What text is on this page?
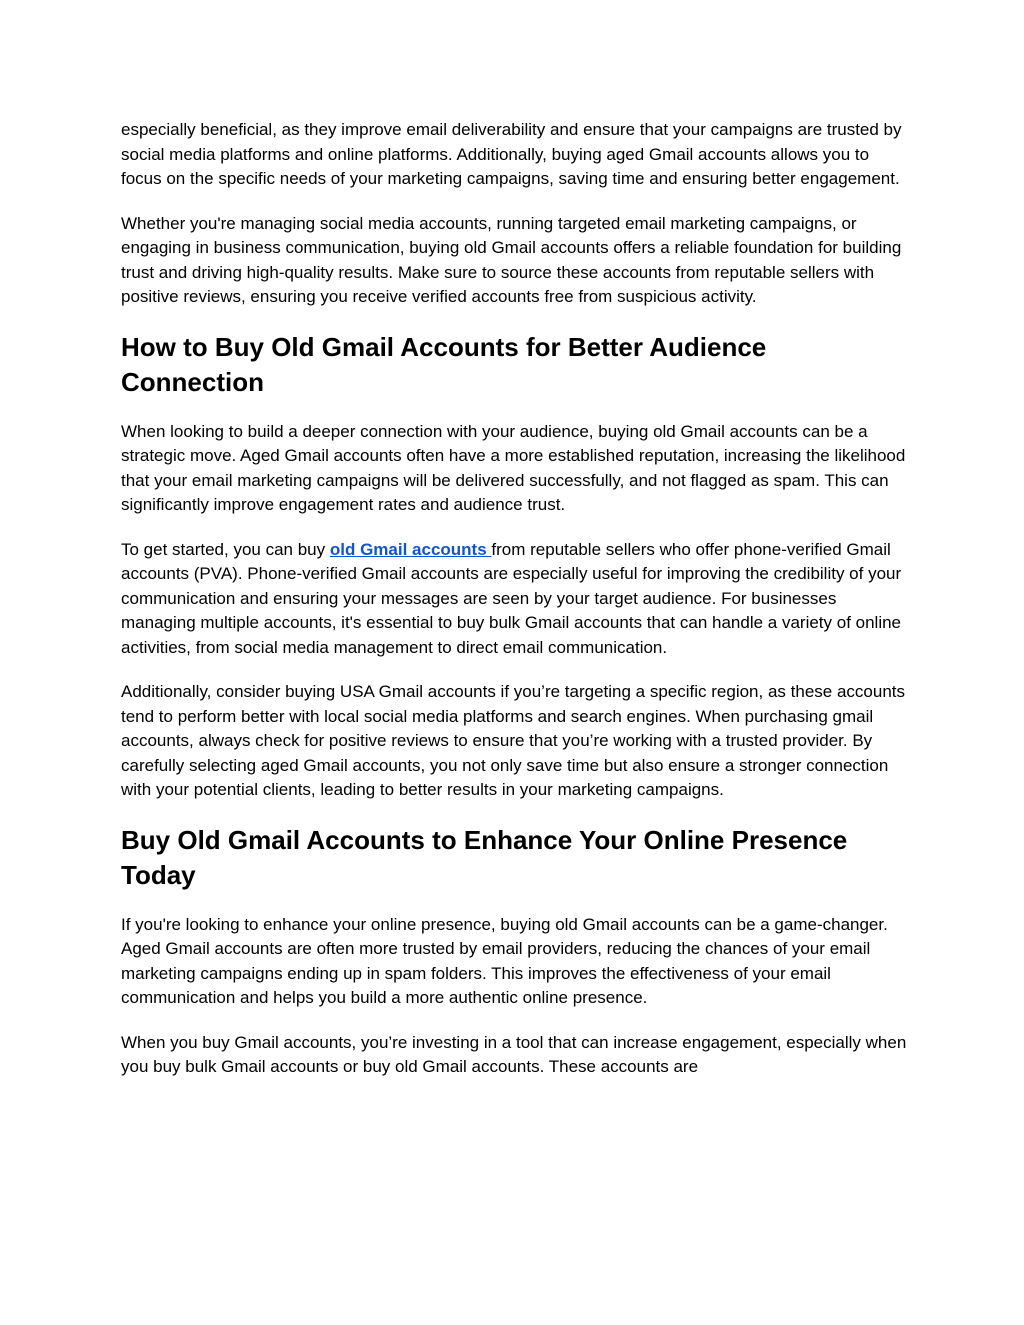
especially beneficial, as they improve email deliverability and ensure that your campaigns are trusted by social media platforms and online platforms. Additionally, buying aged Gmail accounts allows you to focus on the specific needs of your marketing campaigns, saving time and ensuring better engagement.

Whether you're managing social media accounts, running targeted email marketing campaigns, or engaging in business communication, buying old Gmail accounts offers a reliable foundation for building trust and driving high-quality results. Make sure to source these accounts from reputable sellers with positive reviews, ensuring you receive verified accounts free from suspicious activity.

How to Buy Old Gmail Accounts for Better Audience Connection

When looking to build a deeper connection with your audience, buying old Gmail accounts can be a strategic move. Aged Gmail accounts often have a more established reputation, increasing the likelihood that your email marketing campaigns will be delivered successfully, and not flagged as spam. This can significantly improve engagement rates and audience trust.

To get started, you can buy old Gmail accounts from reputable sellers who offer phone-verified Gmail accounts (PVA). Phone-verified Gmail accounts are especially useful for improving the credibility of your communication and ensuring your messages are seen by your target audience. For businesses managing multiple accounts, it's essential to buy bulk Gmail accounts that can handle a variety of online activities, from social media management to direct email communication.

Additionally, consider buying USA Gmail accounts if you’re targeting a specific region, as these accounts tend to perform better with local social media platforms and search engines. When purchasing gmail accounts, always check for positive reviews to ensure that you’re working with a trusted provider. By carefully selecting aged Gmail accounts, you not only save time but also ensure a stronger connection with your potential clients, leading to better results in your marketing campaigns.

Buy Old Gmail Accounts to Enhance Your Online Presence Today

If you're looking to enhance your online presence, buying old Gmail accounts can be a game-changer. Aged Gmail accounts are often more trusted by email providers, reducing the chances of your email marketing campaigns ending up in spam folders. This improves the effectiveness of your email communication and helps you build a more authentic online presence.

When you buy Gmail accounts, you’re investing in a tool that can increase engagement, especially when you buy bulk Gmail accounts or buy old Gmail accounts. These accounts are
